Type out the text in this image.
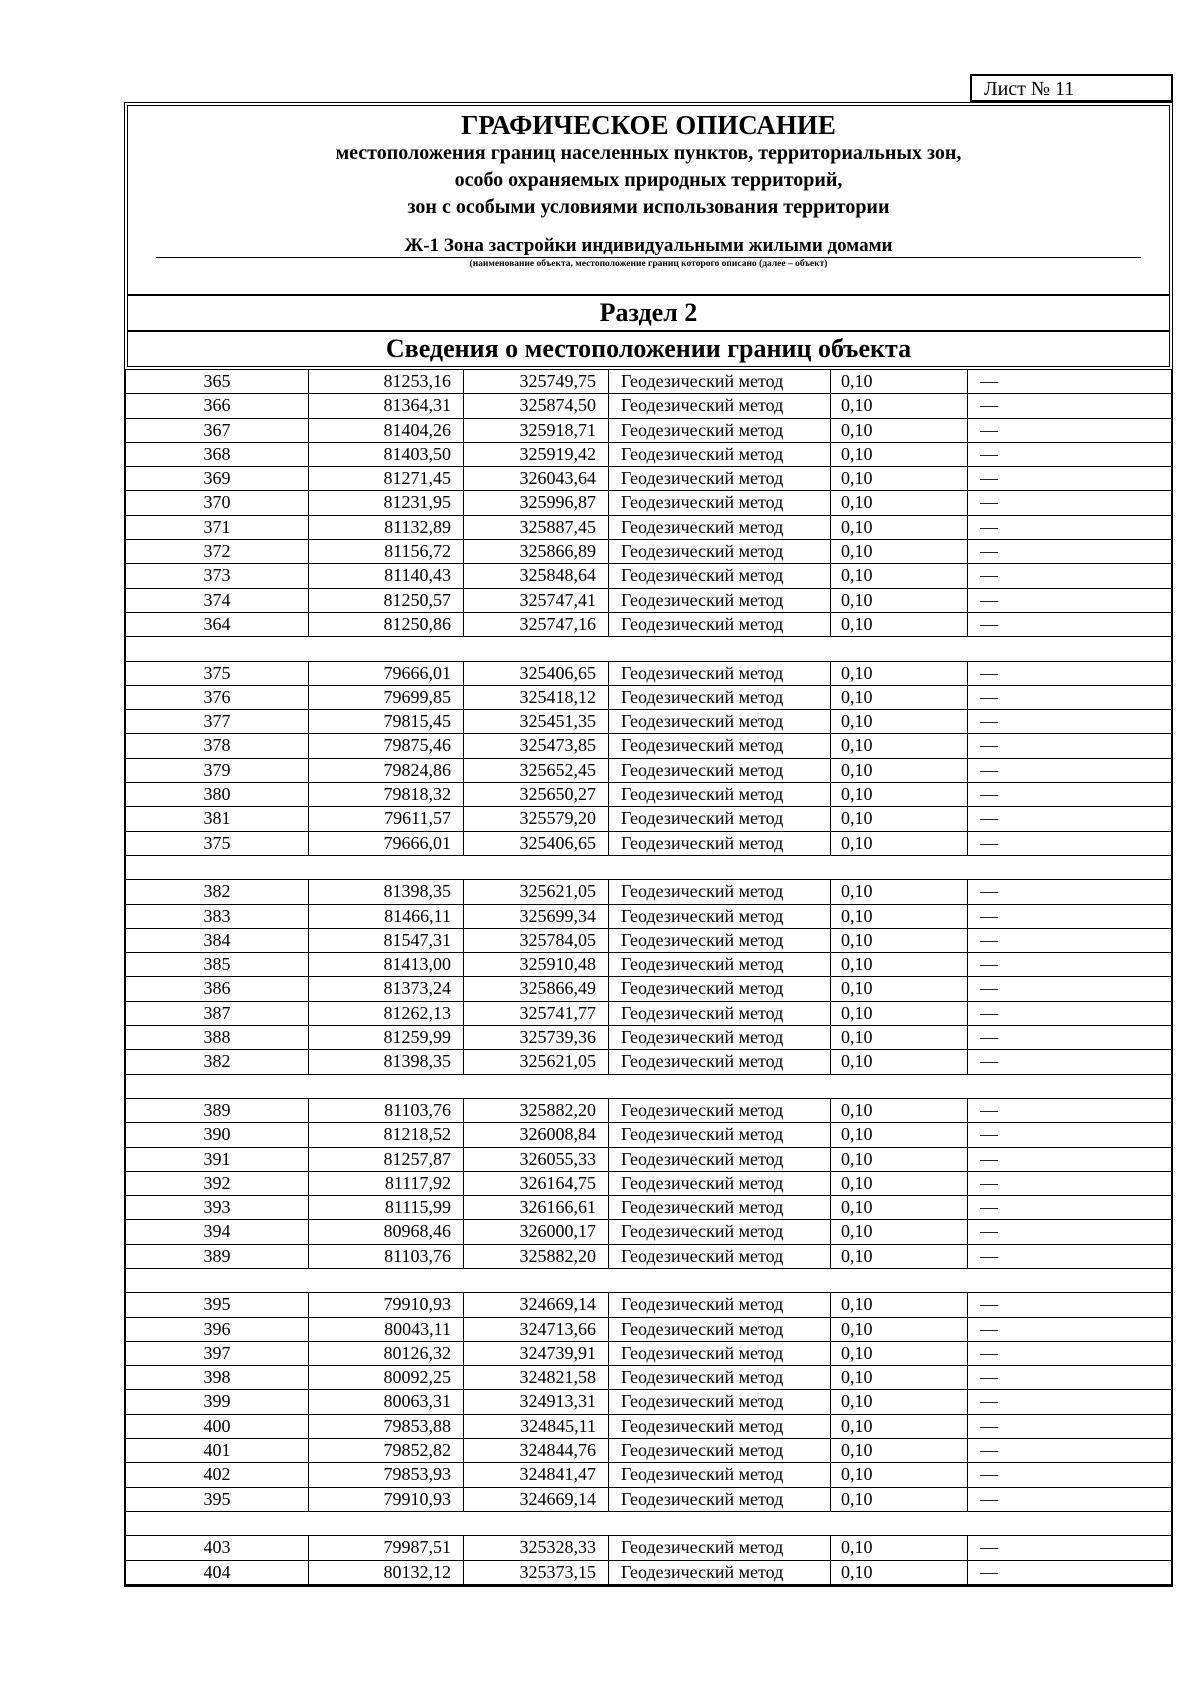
Лист № 11
ГРАФИЧЕСКОЕ ОПИСАНИЕ
местоположения границ населенных пунктов, территориальных зон,
особо охраняемых природных территорий,
зон с особыми условиями использования территории
Ж-1 Зона застройки индивидуальными жилыми домами
(наименование объекта, местоположение границ которого описано (далее – объект)
Раздел 2
Сведения о местоположении границ объекта
365	81253,16	325749,75	Геодезический метод	0,10	—
366	81364,31	325874,50	Геодезический метод	0,10	—
367	81404,26	325918,71	Геодезический метод	0,10	—
368	81403,50	325919,42	Геодезический метод	0,10	—
369	81271,45	326043,64	Геодезический метод	0,10	—
370	81231,95	325996,87	Геодезический метод	0,10	—
371	81132,89	325887,45	Геодезический метод	0,10	—
372	81156,72	325866,89	Геодезический метод	0,10	—
373	81140,43	325848,64	Геодезический метод	0,10	—
374	81250,57	325747,41	Геодезический метод	0,10	—
364	81250,86	325747,16	Геодезический метод	0,10	—
375	79666,01	325406,65	Геодезический метод	0,10	—
376	79699,85	325418,12	Геодезический метод	0,10	—
377	79815,45	325451,35	Геодезический метод	0,10	—
378	79875,46	325473,85	Геодезический метод	0,10	—
379	79824,86	325652,45	Геодезический метод	0,10	—
380	79818,32	325650,27	Геодезический метод	0,10	—
381	79611,57	325579,20	Геодезический метод	0,10	—
375	79666,01	325406,65	Геодезический метод	0,10	—
382	81398,35	325621,05	Геодезический метод	0,10	—
383	81466,11	325699,34	Геодезический метод	0,10	—
384	81547,31	325784,05	Геодезический метод	0,10	—
385	81413,00	325910,48	Геодезический метод	0,10	—
386	81373,24	325866,49	Геодезический метод	0,10	—
387	81262,13	325741,77	Геодезический метод	0,10	—
388	81259,99	325739,36	Геодезический метод	0,10	—
382	81398,35	325621,05	Геодезический метод	0,10	—
389	81103,76	325882,20	Геодезический метод	0,10	—
390	81218,52	326008,84	Геодезический метод	0,10	—
391	81257,87	326055,33	Геодезический метод	0,10	—
392	81117,92	326164,75	Геодезический метод	0,10	—
393	81115,99	326166,61	Геодезический метод	0,10	—
394	80968,46	326000,17	Геодезический метод	0,10	—
389	81103,76	325882,20	Геодезический метод	0,10	—
395	79910,93	324669,14	Геодезический метод	0,10	—
396	80043,11	324713,66	Геодезический метод	0,10	—
397	80126,32	324739,91	Геодезический метод	0,10	—
398	80092,25	324821,58	Геодезический метод	0,10	—
399	80063,31	324913,31	Геодезический метод	0,10	—
400	79853,88	324845,11	Геодезический метод	0,10	—
401	79852,82	324844,76	Геодезический метод	0,10	—
402	79853,93	324841,47	Геодезический метод	0,10	—
395	79910,93	324669,14	Геодезический метод	0,10	—
403	79987,51	325328,33	Геодезический метод	0,10	—
404	80132,12	325373,15	Геодезический метод	0,10	—
